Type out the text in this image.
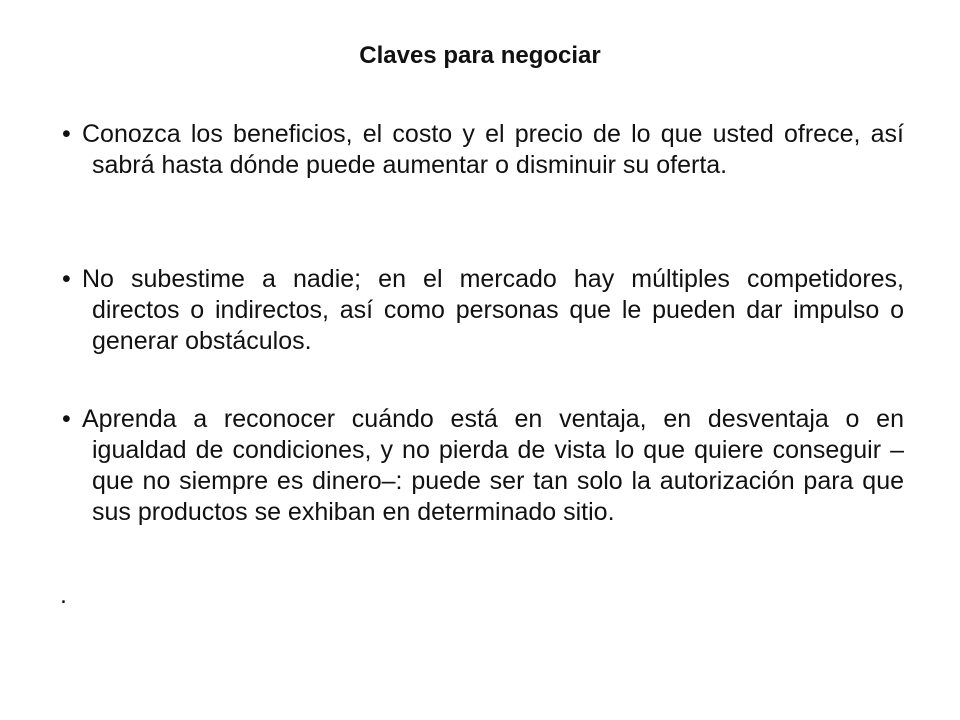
Claves para negociar
• Conozca los beneficios, el costo y el precio de lo que usted ofrece, así sabrá hasta dónde puede aumentar o disminuir su oferta.
• No subestime a nadie; en el mercado hay múltiples competidores, directos o indirectos, así como personas que le pueden dar impulso o generar obstáculos.
• Aprenda a reconocer cuándo está en ventaja, en desventaja o en igualdad de condiciones, y no pierda de vista lo que quiere conseguir –que no siempre es dinero–: puede ser tan solo la autorización para que sus productos se exhiban en determinado sitio.
.
